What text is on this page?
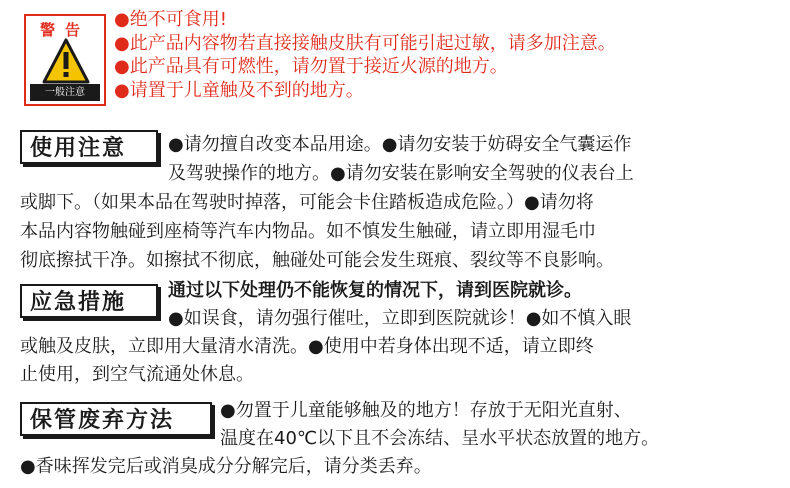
警告
一般注意
●绝不可食用!
●此产品内容物若直接接触皮肤有可能引起过敏，请多加注意。
●此产品具有可燃性，请勿置于接近火源的地方。
●请置于儿童触及不到的地方。
使用注意	●请勿擅自改变本品用途。●请勿安装于妨碍安全气囊运作
及驾驶操作的地方。●请勿安装在影响安全驾驶的仪表台上
或脚下。（如果本品在驾驶时掉落，可能会卡住踏板造成危险。）●请勿将
本品内容物触碰到座椅等汽车内物品。如不慎发生触碰，请立即用湿毛巾
彻底擦拭干净。如擦拭不彻底，触碰处可能会发生斑痕、裂纹等不良影响。
应急措施	通过以下处理仍不能恢复的情况下，请到医院就诊。
●如误食，请勿强行催吐，立即到医院就诊！●如不慎入眼
或触及皮肤，立即用大量清水清洗。●使用中若身体出现不适，请立即终
止使用，到空气流通处休息。
保管废弃方法	●勿置于儿童能够触及的地方！存放于无阳光直射、
温度在40℃以下且不会冻结、呈水平状态放置的地方。
●香味挥发完后或消臭成分分解完后，请分类丢弃。
